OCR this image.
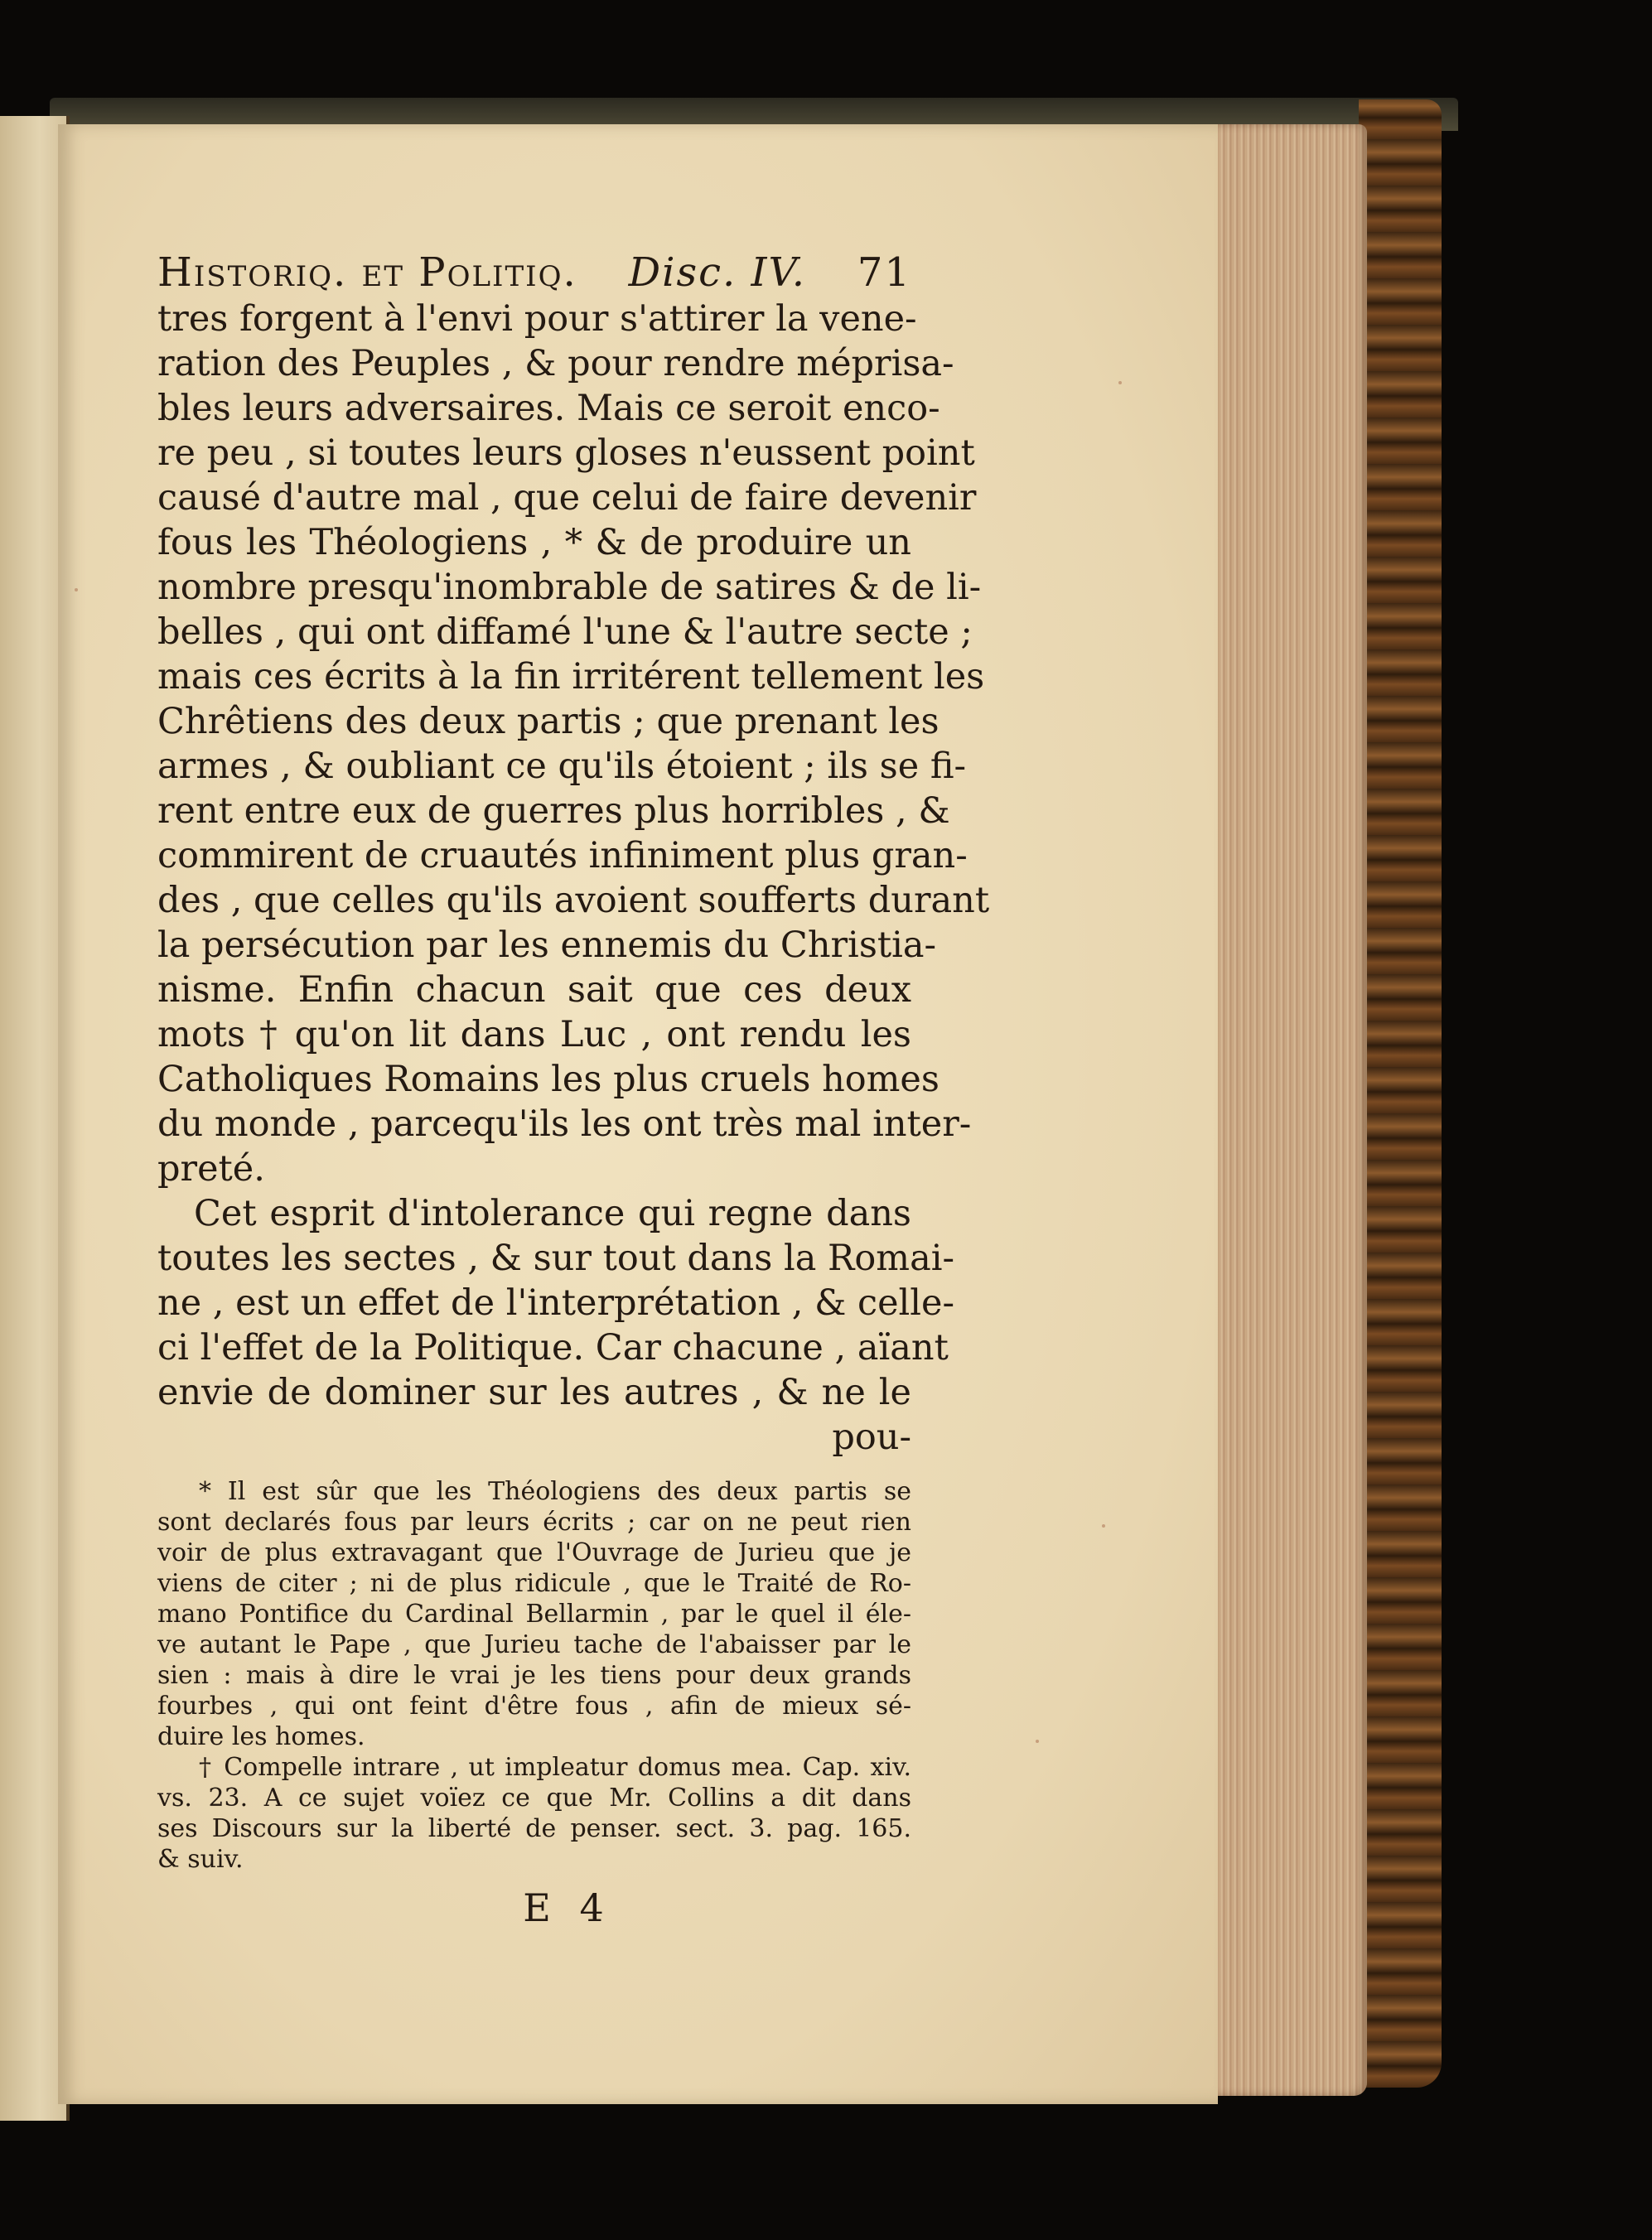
Historiq. et Politiq. Disc. IV. 71
tres forgent à l'envi pour s'attirer la vene-
ration des Peuples , & pour rendre méprisa-
bles leurs adversaires. Mais ce seroit enco-
re peu , si toutes leurs gloses n'eussent point
causé d'autre mal , que celui de faire devenir
fous les Théologiens , * & de produire un
nombre presqu'inombrable de satires & de li-
belles , qui ont diffamé l'une & l'autre secte ;
mais ces écrits à la fin irritérent tellement les
Chrêtiens des deux partis ; que prenant les
armes , & oubliant ce qu'ils étoient ; ils se fi-
rent entre eux de guerres plus horribles , &
commirent de cruautés infiniment plus gran-
des , que celles qu'ils avoient soufferts durant
la persécution par les ennemis du Christia-
nisme. Enfin chacun sait que ces deux
mots † qu'on lit dans Luc , ont rendu les
Catholiques Romains les plus cruels homes
du monde , parcequ'ils les ont très mal inter-
preté.
Cet esprit d'intolerance qui regne dans
toutes les sectes , & sur tout dans la Romai-
ne , est un effet de l'interprétation , & celle-
ci l'effet de la Politique. Car chacune , aïant
envie de dominer sur les autres , & ne le
pou-
* Il est sûr que les Théologiens des deux partis se
sont declarés fous par leurs écrits ; car on ne peut rien
voir de plus extravagant que l'Ouvrage de Jurieu que je
viens de citer ; ni de plus ridicule , que le Traité de Ro-
mano Pontifice du Cardinal Bellarmin , par le quel il éle-
ve autant le Pape , que Jurieu tache de l'abaisser par le
sien : mais à dire le vrai je les tiens pour deux grands
fourbes , qui ont feint d'être fous , afin de mieux sé-
duire les homes.
† Compelle intrare , ut impleatur domus mea. Cap. xiv.
vs. 23. A ce sujet voïez ce que Mr. Collins a dit dans
ses Discours sur la liberté de penser. sect. 3. pag. 165.
& suiv.
E 4
